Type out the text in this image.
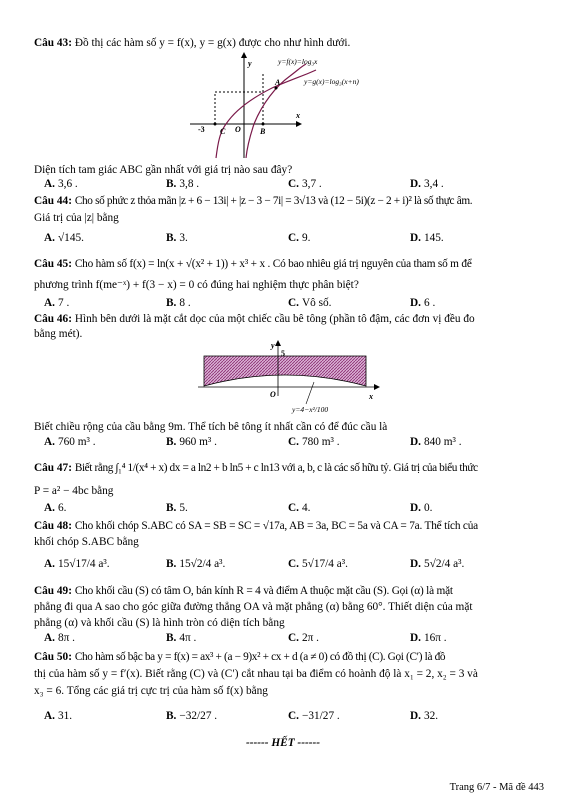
Câu 43: Đồ thị các hàm số y = f(x), y = g(x) được cho như hình dưới.
y=f(x)=log₃x
y=g(x)=log₃(x+n)
y
x
A
-3 C O B
Diện tích tam giác ABC gần nhất với giá trị nào sau đây?
A. 3,6 .	B. 3,8 .	C. 3,7 .	D. 3,4 .
Câu 44: Cho số phức z thỏa mãn |z + 6 − 13i| + |z − 3 − 7i| = 3√13 và (12 − 5i)(z − 2 + i)² là số thực âm.
Giá trị của |z| bằng
A. √145.	B. 3.	C. 9.	D. 145.
Câu 45: Cho hàm số f(x) = ln(x + √(x² + 1)) + x³ + x . Có bao nhiêu giá trị nguyên của tham số m để
phương trình f(me⁻ˣ) + f(3 − x) = 0 có đúng hai nghiệm thực phân biệt?
A. 7 .	B. 8 .	C. Vô số.	D. 6 .
Câu 46: Hình bên dưới là mặt cắt dọc của một chiếc cầu bê tông (phần tô đậm, các đơn vị đều đo
bằng mét).
y
5
x
O
y=4−x²/100
Biết chiều rộng của cầu bằng 9m. Thể tích bê tông ít nhất cần có để đúc cầu là
A. 760 m³ .	B. 960 m³ .	C. 780 m³ .	D. 840 m³ .
Câu 47: Biết rằng ∫₁⁴ 1/(x⁴ + x) dx = a ln2 + b ln5 + c ln13 với a, b, c là các số hữu tỷ. Giá trị của biểu thức
P = a² − 4bc bằng
A. 6.	B. 5.	C. 4.	D. 0.
Câu 48: Cho khối chóp S.ABC có SA = SB = SC = √17a, AB = 3a, BC = 5a và CA = 7a. Thể tích của
khối chóp S.ABC bằng
A. 15√17/4 a³.	B. 15√2/4 a³.	C. 5√17/4 a³.	D. 5√2/4 a³.
Câu 49: Cho khối cầu (S) có tâm O, bán kính R = 4 và điểm A thuộc mặt cầu (S). Gọi (α) là mặt
phẳng đi qua A sao cho góc giữa đường thẳng OA và mặt phẳng (α) bằng 60°. Thiết diện của mặt
phẳng (α) và khối cầu (S) là hình tròn có diện tích bằng
A. 8π .	B. 4π .	C. 2π .	D. 16π .
Câu 50: Cho hàm số bậc ba y = f(x) = ax³ + (a − 9)x² + cx + d (a ≠ 0) có đồ thị (C). Gọi (C′) là đồ
thị của hàm số y = f′(x). Biết rằng (C) và (C′) cắt nhau tại ba điểm có hoành độ là x₁ = 2, x₂ = 3 và
x₃ = 6. Tổng các giá trị cực trị của hàm số f(x) bằng
A. 31.	B. −32/27 .	C. −31/27 .	D. 32.
------ HẾT ------
Trang 6/7 - Mã đề 443
